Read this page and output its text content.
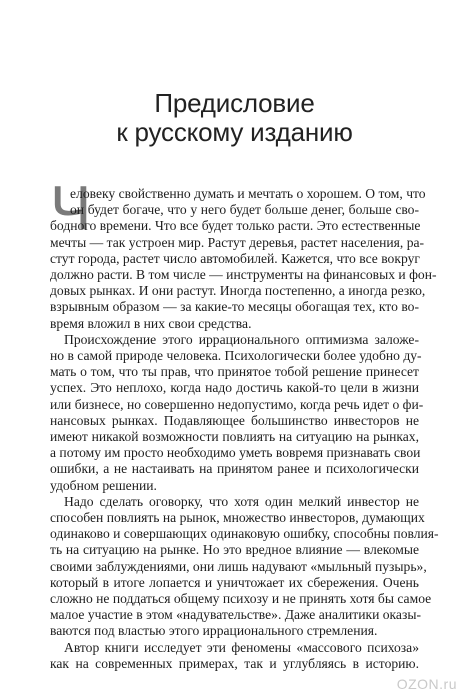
Предисловие
к русскому изданию
Ч
еловеку свойственно думать и мечтать о хорошем. О том, что
он будет богаче, что у него будет больше денег, больше сво-
бодного времени. Что все будет только расти. Это естественные
мечты — так устроен мир. Растут деревья, растет населения, ра-
стут города, растет число автомобилей. Кажется, что все вокруг
должно расти. В том числе — инструменты на финансовых и фон-
довых рынках. И они растут. Иногда постепенно, а иногда резко,
взрывным образом — за какие-то месяцы обогащая тех, кто во-
время вложил в них свои средства.
Происхождение этого иррационального оптимизма заложе-
но в самой природе человека. Психологически более удобно ду-
мать о том, что ты прав, что принятое тобой решение принесет
успех. Это неплохо, когда надо достичь какой-то цели в жизни
или бизнесе, но совершенно недопустимо, когда речь идет о фи-
нансовых рынках. Подавляющее большинство инвесторов не
имеют никакой возможности повлиять на ситуацию на рынках,
а потому им просто необходимо уметь вовремя признавать свои
ошибки, а не настаивать на принятом ранее и психологически
удобном решении.
Надо сделать оговорку, что хотя один мелкий инвестор не
способен повлиять на рынок, множество инвесторов, думающих
одинаково и совершающих одинаковую ошибку, способны повлия-
ть на ситуацию на рынке. Но это вредное влияние — влекомые
своими заблуждениями, они лишь надувают «мыльный пузырь»,
который в итоге лопается и уничтожает их сбережения. Очень
сложно не поддаться общему психозу и не принять хотя бы самое
малое участие в этом «надувательстве». Даже аналитики оказы-
ваются под властью этого иррационального стремления.
Автор книги исследует эти феномены «массового психоза»
как на современных примерах, так и углубляясь в историю.
OZON.ru
